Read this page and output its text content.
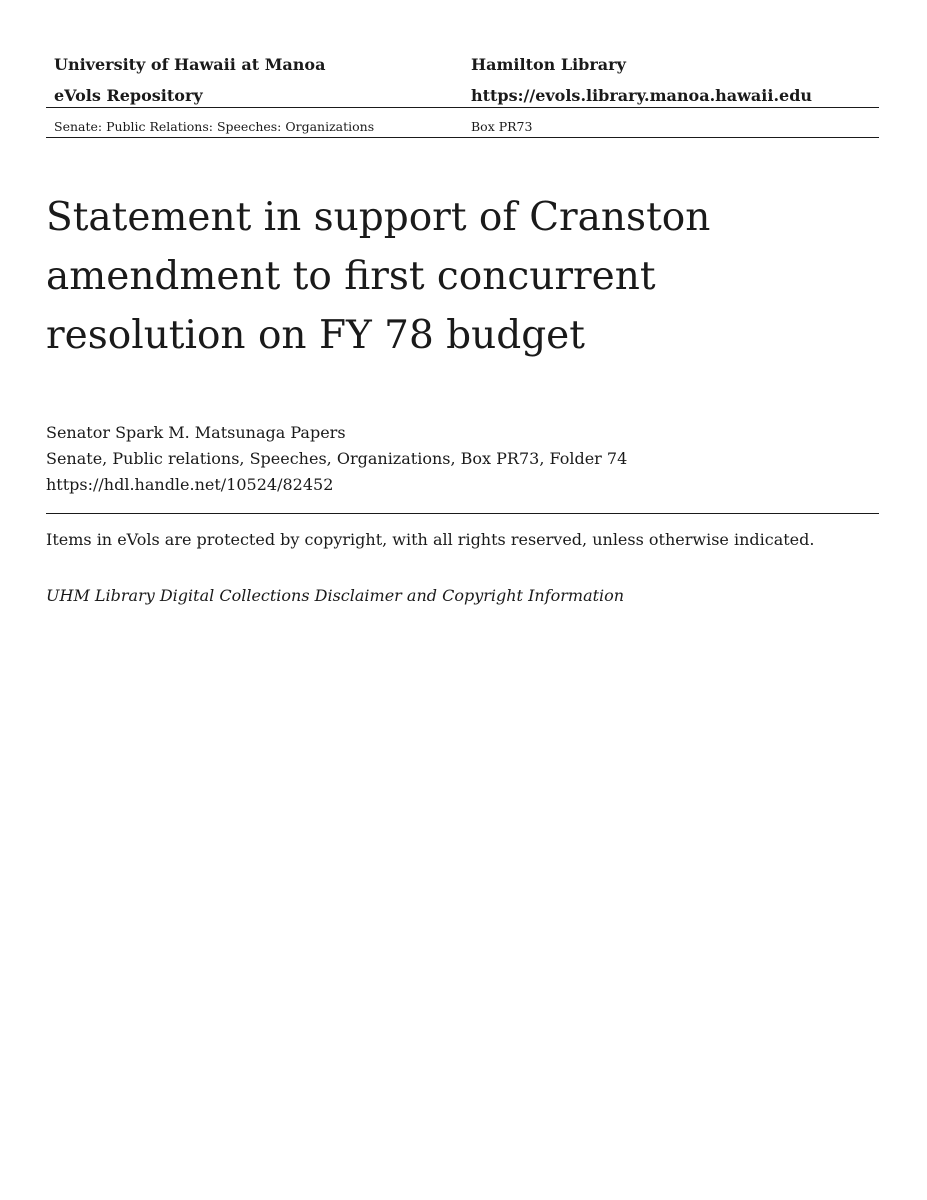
University of Hawaii at Manoa	Hamilton Library
eVols Repository	https://evols.library.manoa.hawaii.edu
Senate: Public Relations: Speeches: Organizations	Box PR73
Statement in support of Cranston amendment to first concurrent resolution on FY 78 budget
Senator Spark M. Matsunaga Papers
Senate, Public relations, Speeches, Organizations, Box PR73, Folder 74
https://hdl.handle.net/10524/82452
Items in eVols are protected by copyright, with all rights reserved, unless otherwise indicated.
UHM Library Digital Collections Disclaimer and Copyright Information
